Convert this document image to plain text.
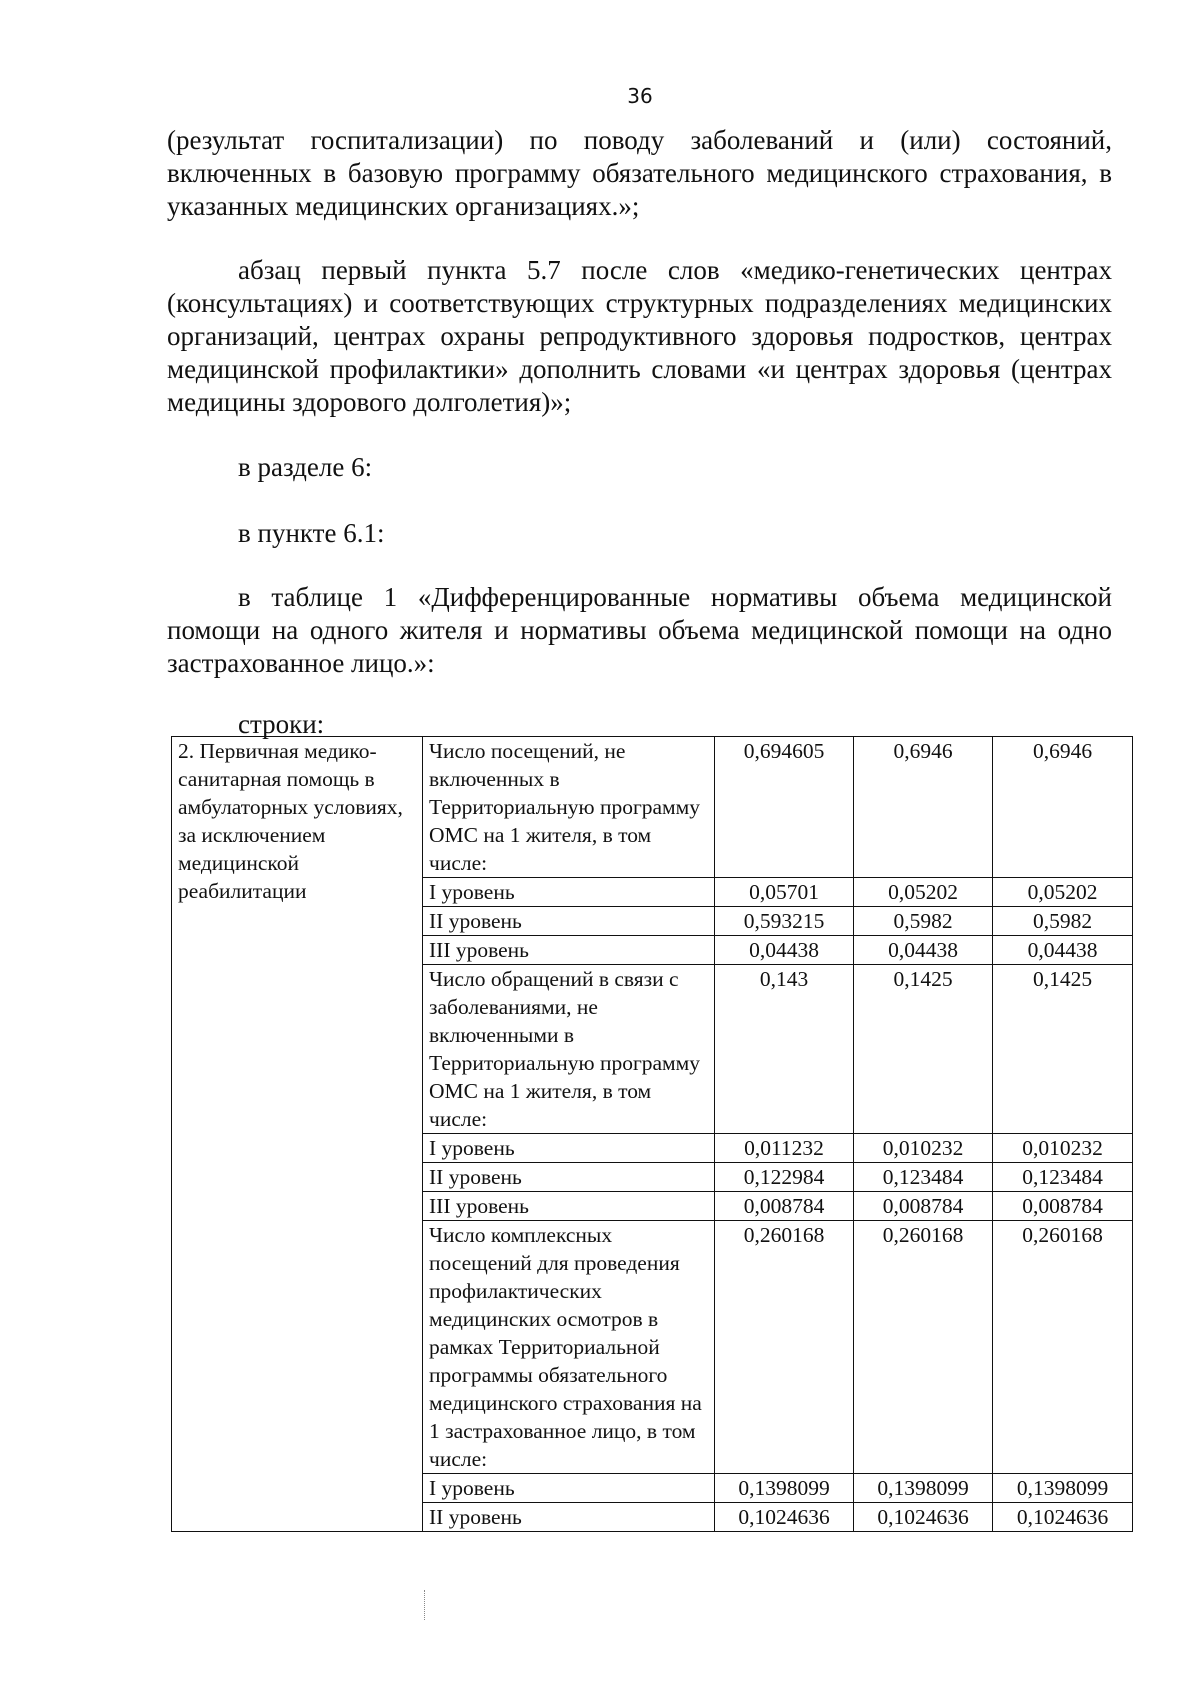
36

(результат госпитализации) по поводу заболеваний и (или) состояний, включенных в базовую программу обязательного медицинского страхования, в указанных медицинских организациях.»;

абзац первый пункта 5.7 после слов «медико-генетических центрах (консультациях) и соответствующих структурных подразделениях медицинских организаций, центрах охраны репродуктивного здоровья подростков, центрах медицинской профилактики» дополнить словами «и центрах здоровья (центрах медицины здорового долголетия)»;

в разделе 6:

в пункте 6.1:

в таблице 1 «Дифференцированные нормативы объема медицинской помощи на одного жителя и нормативы объема медицинской помощи на одно застрахованное лицо.»:

строки:

2. Первичная медико-санитарная помощь в амбулаторных условиях, за исключением медицинской реабилитации	Число посещений, не включенных в Территориальную программу ОМС на 1 жителя, в том числе:	0,694605	0,6946	0,6946
	I уровень	0,05701	0,05202	0,05202
	II уровень	0,593215	0,5982	0,5982
	III уровень	0,04438	0,04438	0,04438
	Число обращений в связи с заболеваниями, не включенными в Территориальную программу ОМС на 1 жителя, в том числе:	0,143	0,1425	0,1425
	I уровень	0,011232	0,010232	0,010232
	II уровень	0,122984	0,123484	0,123484
	III уровень	0,008784	0,008784	0,008784
	Число комплексных посещений для проведения профилактических медицинских осмотров в рамках Территориальной программы обязательного медицинского страхования на 1 застрахованное лицо, в том числе:	0,260168	0,260168	0,260168
	I уровень	0,1398099	0,1398099	0,1398099
	II уровень	0,1024636	0,1024636	0,1024636
